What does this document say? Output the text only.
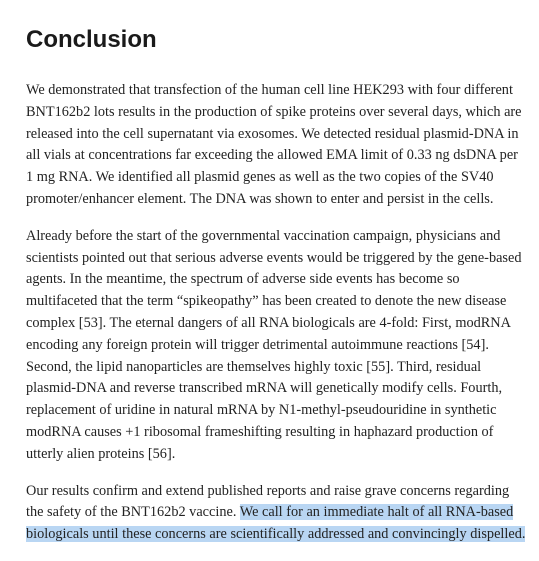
Conclusion

We demonstrated that transfection of the human cell line HEK293 with four different
BNT162b2 lots results in the production of spike proteins over several days, which are
released into the cell supernatant via exosomes. We detected residual plasmid-DNA in
all vials at concentrations far exceeding the allowed EMA limit of 0.33 ng dsDNA per
1 mg RNA. We identified all plasmid genes as well as the two copies of the SV40
promoter/enhancer element. The DNA was shown to enter and persist in the cells.

Already before the start of the governmental vaccination campaign, physicians and
scientists pointed out that serious adverse events would be triggered by the gene-based
agents. In the meantime, the spectrum of adverse side events has become so
multifaceted that the term “spikeopathy” has been created to denote the new disease
complex [53]. The eternal dangers of all RNA biologicals are 4-fold: First, modRNA
encoding any foreign protein will trigger detrimental autoimmune reactions [54].
Second, the lipid nanoparticles are themselves highly toxic [55]. Third, residual
plasmid-DNA and reverse transcribed mRNA will genetically modify cells. Fourth,
replacement of uridine in natural mRNA by N1-methyl-pseudouridine in synthetic
modRNA causes +1 ribosomal frameshifting resulting in haphazard production of
utterly alien proteins [56].

Our results confirm and extend published reports and raise grave concerns regarding
the safety of the BNT162b2 vaccine. We call for an immediate halt of all RNA-based
biologicals until these concerns are scientifically addressed and convincingly dispelled.
